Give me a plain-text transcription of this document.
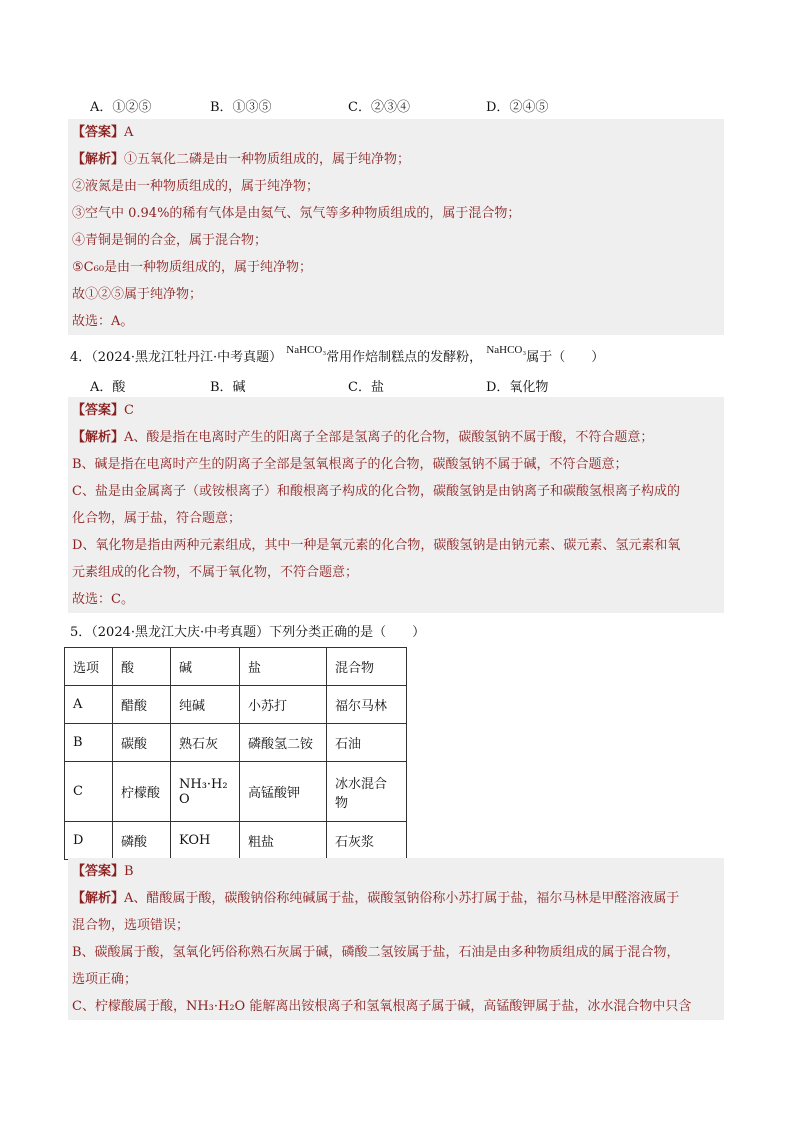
A．①②⑤	B．①③⑤	C．②③④	D．②④⑤
【答案】A
【解析】①五氧化二磷是由一种物质组成的，属于纯净物；
②液氮是由一种物质组成的，属于纯净物；
③空气中 0.94%的稀有气体是由氦气、氖气等多种物质组成的，属于混合物；
④青铜是铜的合金，属于混合物；
⑤C₆₀是由一种物质组成的，属于纯净物；
故①②⑤属于纯净物；
故选：A。
4．（2024·黑龙江牡丹江·中考真题） $^{NaHCO_3}$常用作焙制糕点的发酵粉， $^{NaHCO_3}$属于（　　）
A．酸	B．碱	C．盐	D．氧化物
【答案】C
【解析】A、酸是指在电离时产生的阳离子全部是氢离子的化合物，碳酸氢钠不属于酸，不符合题意；
B、碱是指在电离时产生的阴离子全部是氢氧根离子的化合物，碳酸氢钠不属于碱，不符合题意；
C、盐是由金属离子（或铵根离子）和酸根离子构成的化合物，碳酸氢钠是由钠离子和碳酸氢根离子构成的
化合物，属于盐，符合题意；
D、氧化物是指由两种元素组成，其中一种是氧元素的化合物，碳酸氢钠是由钠元素、碳元素、氢元素和氧
元素组成的化合物，不属于氧化物，不符合题意；
故选：C。
5．（2024·黑龙江大庆·中考真题）下列分类正确的是（　　）
选项	酸	碱	盐	混合物
A	醋酸	纯碱	小苏打	福尔马林
B	碳酸	熟石灰	磷酸氢二铵	石油
C	柠檬酸	NH₃·H₂O	高锰酸钾	冰水混合物
D	磷酸	KOH	粗盐	石灰浆
【答案】B
【解析】A、醋酸属于酸，碳酸钠俗称纯碱属于盐，碳酸氢钠俗称小苏打属于盐，福尔马林是甲醛溶液属于
混合物，选项错误；
B、碳酸属于酸，氢氧化钙俗称熟石灰属于碱，磷酸二氢铵属于盐，石油是由多种物质组成的属于混合物，
选项正确；
C、柠檬酸属于酸，NH₃·H₂O 能解离出铵根离子和氢氧根离子属于碱，高锰酸钾属于盐，冰水混合物中只含
